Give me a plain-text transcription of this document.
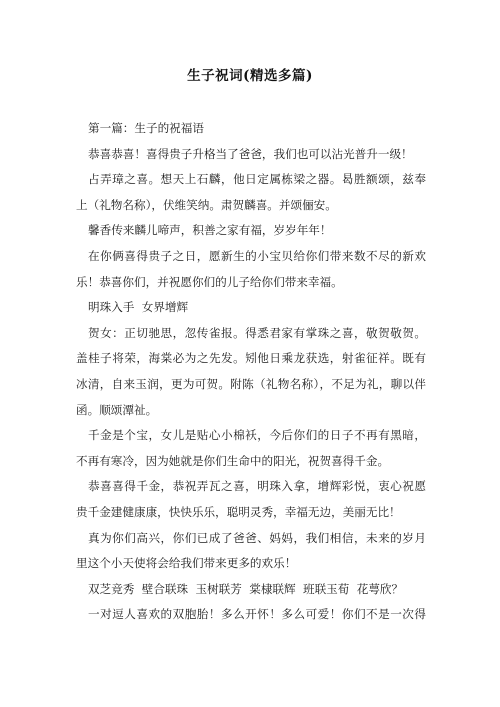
生子祝词(精选多篇)

第一篇：生子的祝福语

恭喜恭喜！喜得贵子升格当了爸爸，我们也可以沾光普升一级！

占弄璋之喜。想天上石麟，他日定属栋梁之器。曷胜额颂，兹奉

上（礼物名称），伏维笑纳。肃贺麟喜。并颂俪安。

馨香传来麟儿啼声，积善之家有福，岁岁年年！

在你俩喜得贵子之日，愿新生的小宝贝给你们带来数不尽的新欢

乐！恭喜你们，并祝愿你们的儿子给你们带来幸福。

明珠入手  女界增辉

贺女：正切驰思，忽传雀报。得悉君家有掌珠之喜，敬贺敬贺。

盖桂子将荣，海棠必为之先发。矧他日乘龙获选，射雀征祥。既有

冰清，自来玉润，更为可贺。附陈（礼物名称），不足为礼，聊以伴

函。顺颂潭祉。

千金是个宝，女儿是贴心小棉袄，今后你们的日子不再有黑暗，

不再有寒冷，因为她就是你们生命中的阳光，祝贺喜得千金。

恭喜喜得千金，恭祝弄瓦之喜，明珠入拿，增辉彩悦，衷心祝愿

贵千金建健康康，快快乐乐，聪明灵秀，幸福无边，美丽无比！

真为你们高兴，你们已成了爸爸、妈妈，我们相信，未来的岁月

里这个小天使将会给我们带来更多的欢乐！

双芝竞秀  壁合联珠  玉树联芳  棠棣联辉  班联玉荀  花萼欣？

一对逗人喜欢的双胞胎！多么开怀！多么可爱！你们不是一次得
